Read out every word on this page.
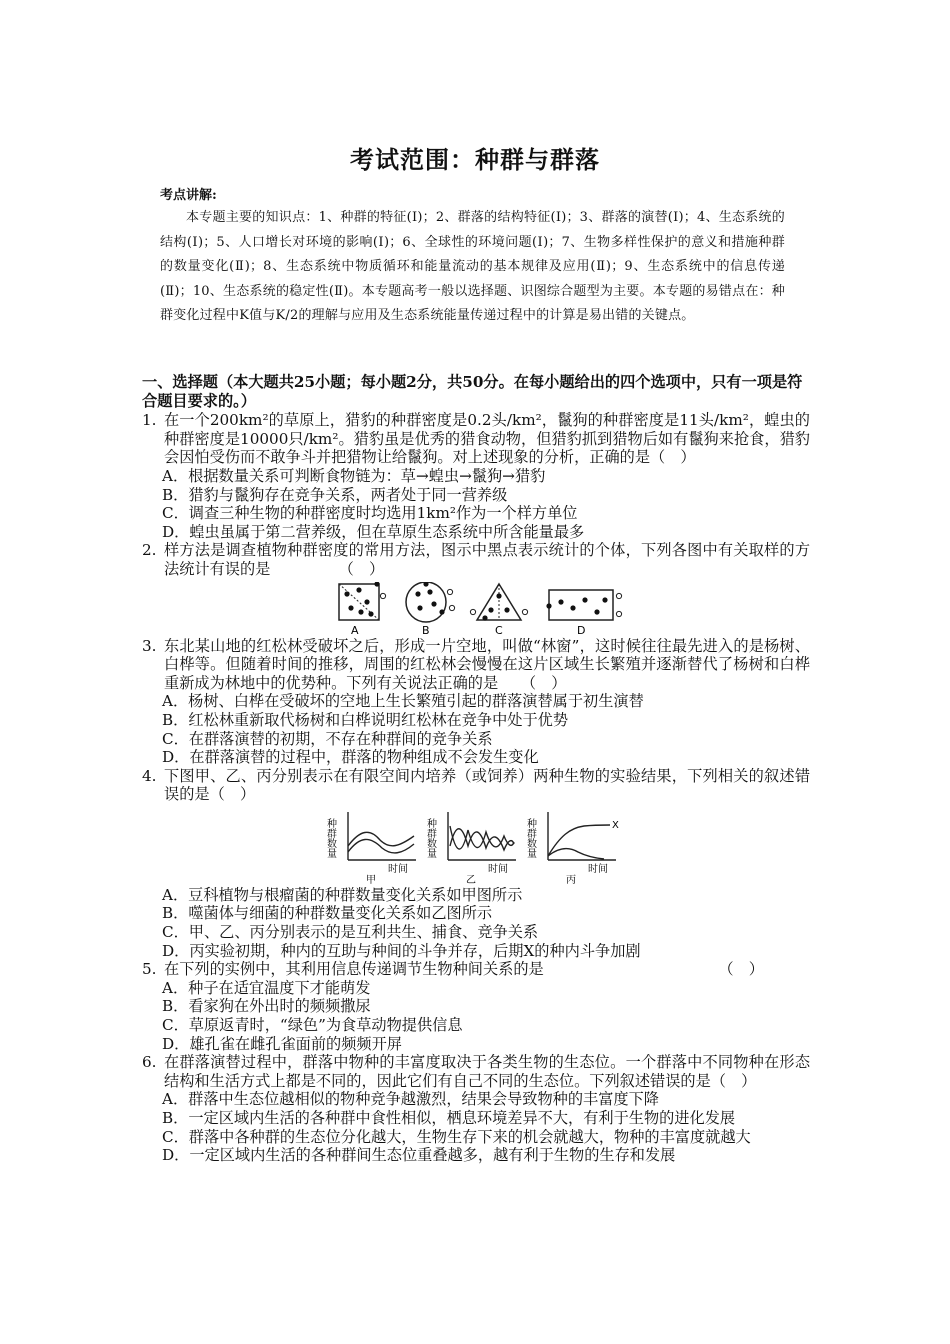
考试范围：种群与群落
考点讲解:
本专题主要的知识点：1、种群的特征(Ⅰ)；2、群落的结构特征(Ⅰ)；3、群落的演替(Ⅰ)；4、生态系统的结构(Ⅰ)；5、人口增长对环境的影响(Ⅰ)；6、全球性的环境问题(Ⅰ)；7、生物多样性保护的意义和措施种群的数量变化(Ⅱ)；8、生态系统中物质循环和能量流动的基本规律及应用(Ⅱ)；9、生态系统中的信息传递(Ⅱ)；10、生态系统的稳定性(Ⅱ)。本专题高考一般以选择题、识图综合题型为主要。本专题的易错点在：种群变化过程中K值与K/2的理解与应用及生态系统能量传递过程中的计算是易出错的关键点。
一、选择题（本大题共25小题；每小题2分，共50分。在每小题给出的四个选项中，只有一项是符合题目要求的。）
1. 在一个200km²的草原上，猎豹的种群密度是0.2头/km²，鬣狗的种群密度是11头/km²，蝗虫的种群密度是10000只/km²。猎豹虽是优秀的猎食动物，但猎豹抓到猎物后如有鬣狗来抢食，猎豹会因怕受伤而不敢争斗并把猎物让给鬣狗。对上述现象的分析，正确的是（　）
A．根据数量关系可判断食物链为：草→蝗虫→鬣狗→猎豹
B．猎豹与鬣狗存在竞争关系，两者处于同一营养级
C．调查三种生物的种群密度时均选用1km²作为一个样方单位
D．蝗虫虽属于第二营养级，但在草原生态系统中所含能量最多
2. 样方法是调查植物种群密度的常用方法，图示中黑点表示统计的个体，下列各图中有关取样的方法统计有误的是　　　　　（　）
A	B	C	D
3. 东北某山地的红松林受破坏之后，形成一片空地，叫做“林窗”，这时候往往最先进入的是杨树、白桦等。但随着时间的推移，周围的红松林会慢慢在这片区域生长繁殖并逐渐替代了杨树和白桦重新成为林地中的优势种。下列有关说法正确的是　　（　）
A．杨树、白桦在受破坏的空地上生长繁殖引起的群落演替属于初生演替
B．红松林重新取代杨树和白桦说明红松林在竞争中处于优势
C．在群落演替的初期，不存在种群间的竞争关系
D．在群落演替的过程中，群落的物种组成不会发生变化
4. 下图甲、乙、丙分别表示在有限空间内培养（或饲养）两种生物的实验结果，下列相关的叙述错误的是（　）
种群数量
时间
甲
种群数量
时间
乙
种群数量	X
时间
丙
A．豆科植物与根瘤菌的种群数量变化关系如甲图所示
B．噬菌体与细菌的种群数量变化关系如乙图所示
C．甲、乙、丙分别表示的是互利共生、捕食、竞争关系
D．丙实验初期，种内的互助与种间的斗争并存，后期X的种内斗争加剧
5. 在下列的实例中，其利用信息传递调节生物种间关系的是　　　　　　　　　　　　（　）
A．种子在适宜温度下才能萌发
B．看家狗在外出时的频频撒尿
C．草原返青时，“绿色”为食草动物提供信息
D．雄孔雀在雌孔雀面前的频频开屏
6. 在群落演替过程中，群落中物种的丰富度取决于各类生物的生态位。一个群落中不同物种在形态结构和生活方式上都是不同的，因此它们有自己不同的生态位。下列叙述错误的是（　）
A．群落中生态位越相似的物种竞争越激烈，结果会导致物种的丰富度下降
B．一定区域内生活的各种群中食性相似，栖息环境差异不大，有利于生物的进化发展
C．群落中各种群的生态位分化越大，生物生存下来的机会就越大，物种的丰富度就越大
D．一定区域内生活的各种群间生态位重叠越多，越有利于生物的生存和发展
